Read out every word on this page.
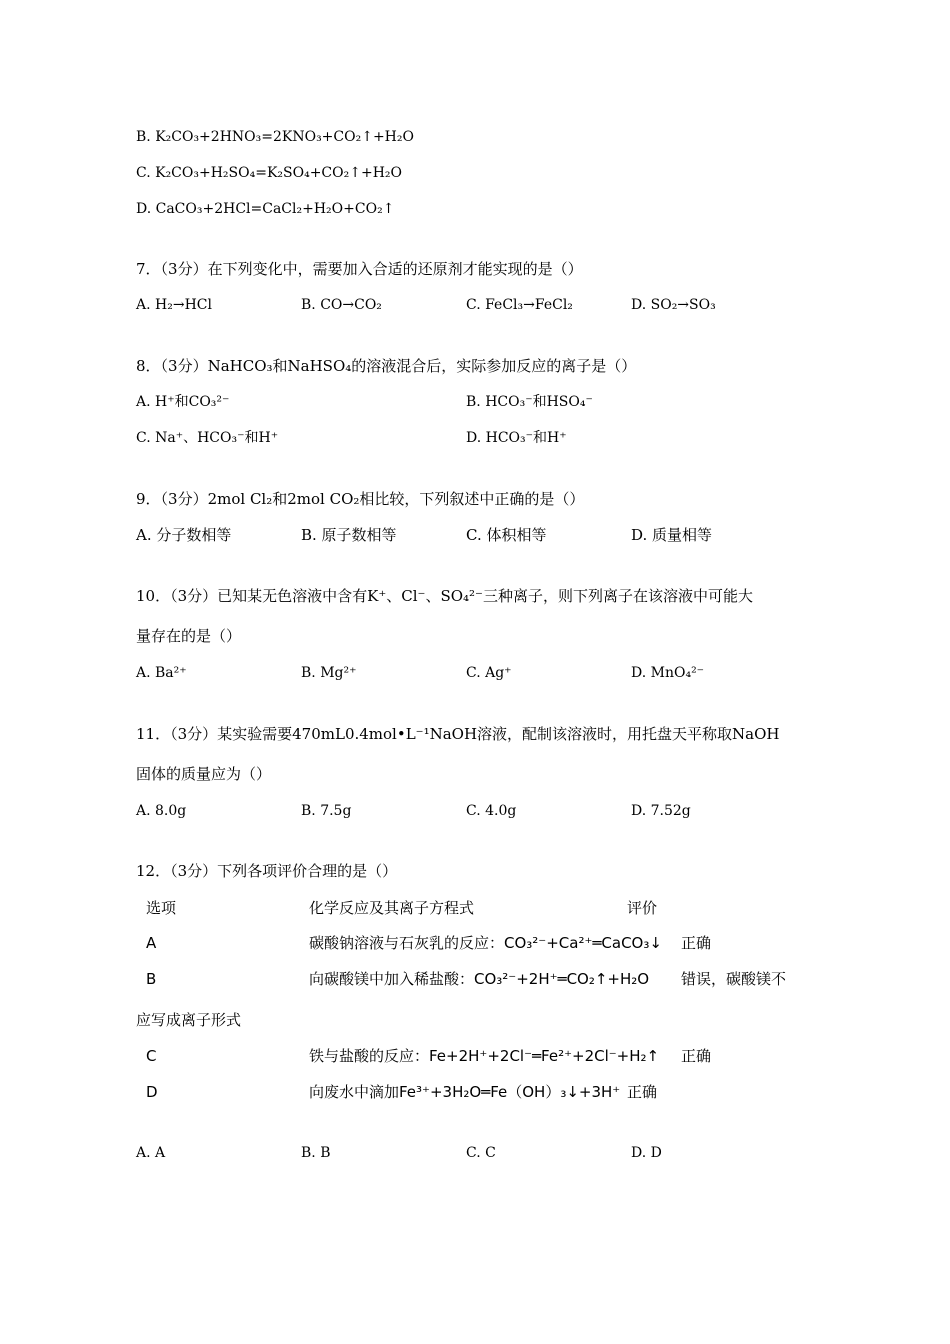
B. K₂CO₃+2HNO₃=2KNO₃+CO₂↑+H₂O
C. K₂CO₃+H₂SO₄=K₂SO₄+CO₂↑+H₂O
D. CaCO₃+2HCl=CaCl₂+H₂O+CO₂↑
7．（3分）在下列变化中，需要加入合适的还原剂才能实现的是（）
A. H₂→HCl	B. CO→CO₂	C. FeCl₃→FeCl₂	D. SO₂→SO₃
8．（3分）NaHCO₃和NaHSO₄的溶液混合后，实际参加反应的离子是（）
A. H⁺和CO₃²⁻	B. HCO₃⁻和HSO₄⁻
C. Na⁺、HCO₃⁻和H⁺	D. HCO₃⁻和H⁺
9．（3分）2mol Cl₂和2mol CO₂相比较，下列叙述中正确的是（）
A. 分子数相等	B. 原子数相等	C. 体积相等	D. 质量相等
10．（3分）已知某无色溶液中含有K⁺、Cl⁻、SO₄²⁻三种离子，则下列离子在该溶液中可能大
量存在的是（）
A. Ba²⁺	B. Mg²⁺	C. Ag⁺	D. MnO₄²⁻
11．（3分）某实验需要470mL0.4mol•L⁻¹NaOH溶液，配制该溶液时，用托盘天平称取NaOH
固体的质量应为（）
A. 8.0g	B. 7.5g	C. 4.0g	D. 7.52g
12．（3分）下列各项评价合理的是（）
选项	化学反应及其离子方程式	评价
A	碳酸钠溶液与石灰乳的反应：CO₃²⁻+Ca²⁺═CaCO₃↓ 正确
B	向碳酸镁中加入稀盐酸：CO₃²⁻+2H⁺═CO₂↑+H₂O 错误，碳酸镁不
应写成离子形式
C	铁与盐酸的反应：Fe+2H⁺+2Cl⁻═Fe²⁺+2Cl⁻+H₂↑ 正确
D	向废水中滴加Fe³⁺+3H₂O═Fe（OH）₃↓+3H⁺ 正确
A. A	B. B	C. C	D. D
